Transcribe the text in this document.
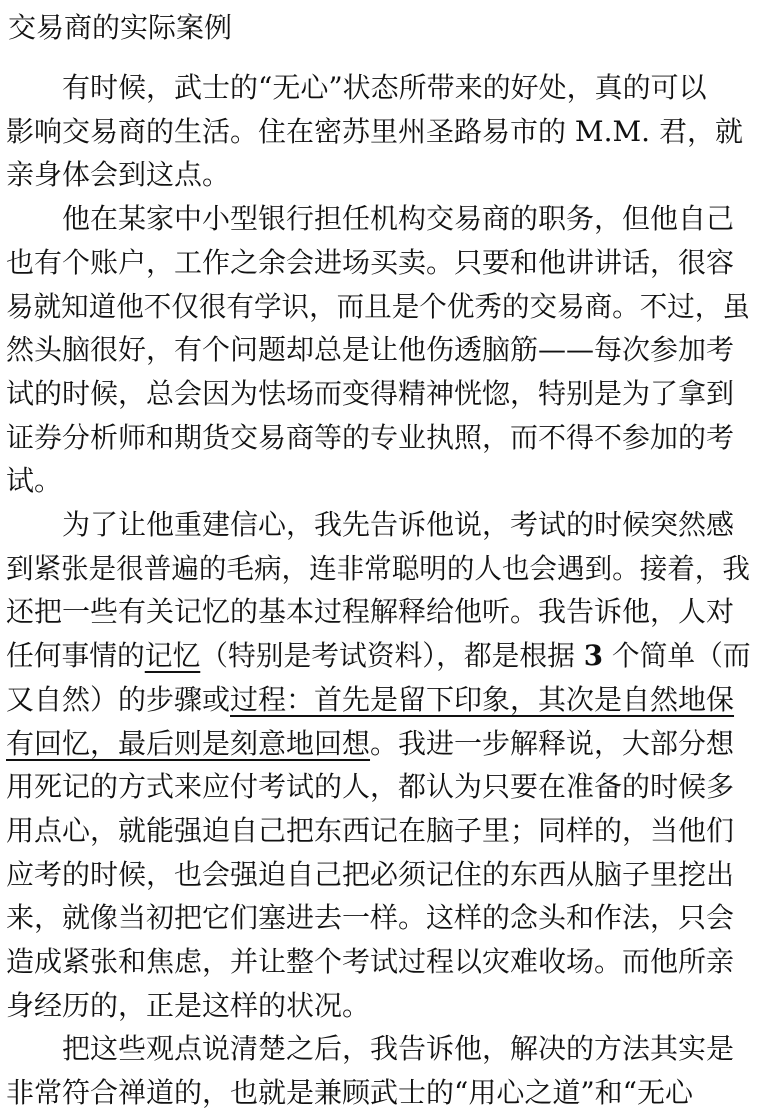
交易商的实际案例
　　有时候，武士的“无心”状态所带来的好处，真的可以
影响交易商的生活。住在密苏里州圣路易市的 M.M. 君，就
亲身体会到这点。
　　他在某家中小型银行担任机构交易商的职务，但他自己
也有个账户，工作之余会进场买卖。只要和他讲讲话，很容
易就知道他不仅很有学识，而且是个优秀的交易商。不过，虽
然头脑很好，有个问题却总是让他伤透脑筋——每次参加考
试的时候，总会因为怯场而变得精神恍惚，特别是为了拿到
证券分析师和期货交易商等的专业执照，而不得不参加的考
试。
　　为了让他重建信心，我先告诉他说，考试的时候突然感
到紧张是很普遍的毛病，连非常聪明的人也会遇到。接着，我
还把一些有关记忆的基本过程解释给他听。我告诉他，人对
任何事情的记忆（特别是考试资料），都是根据 3 个简单（而
又自然）的步骤或过程：首先是留下印象，其次是自然地保
有回忆，最后则是刻意地回想。我进一步解释说，大部分想
用死记的方式来应付考试的人，都认为只要在准备的时候多
用点心，就能强迫自己把东西记在脑子里；同样的，当他们
应考的时候，也会强迫自己把必须记住的东西从脑子里挖出
来，就像当初把它们塞进去一样。这样的念头和作法，只会
造成紧张和焦虑，并让整个考试过程以灾难收场。而他所亲
身经历的，正是这样的状况。
　　把这些观点说清楚之后，我告诉他，解决的方法其实是
非常符合禅道的，也就是兼顾武士的“用心之道”和“无心
